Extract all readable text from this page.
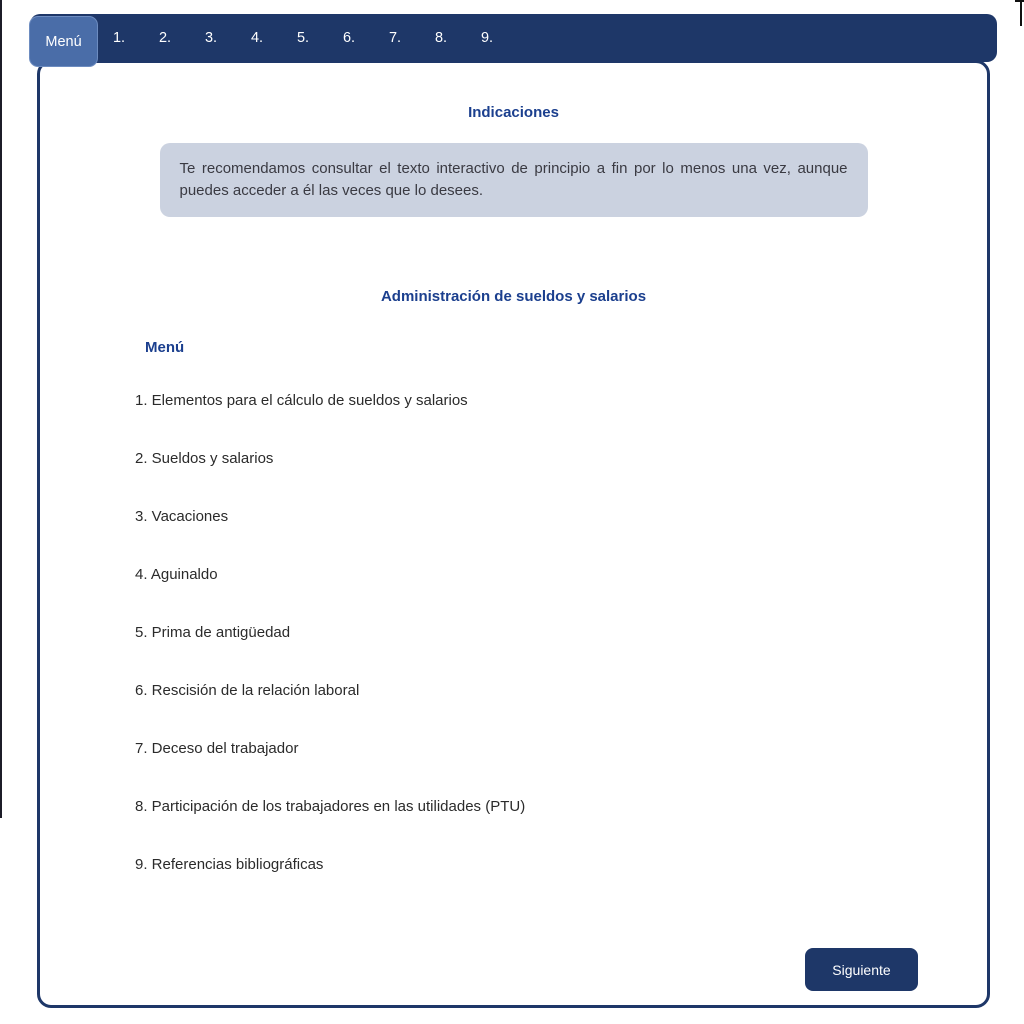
Menú	1.	2.	3.	4.	5.	6.	7.	8.	9.
Indicaciones
Te recomendamos consultar el texto interactivo de principio a fin por lo menos una vez, aunque puedes acceder a él las veces que lo desees.
Administración de sueldos y salarios
Menú
1. Elementos para el cálculo de sueldos y salarios
2. Sueldos y salarios
3. Vacaciones
4. Aguinaldo
5. Prima de antigüedad
6. Rescisión de la relación laboral
7. Deceso del trabajador
8. Participación de los trabajadores en las utilidades (PTU)
9. Referencias bibliográficas
Siguiente
